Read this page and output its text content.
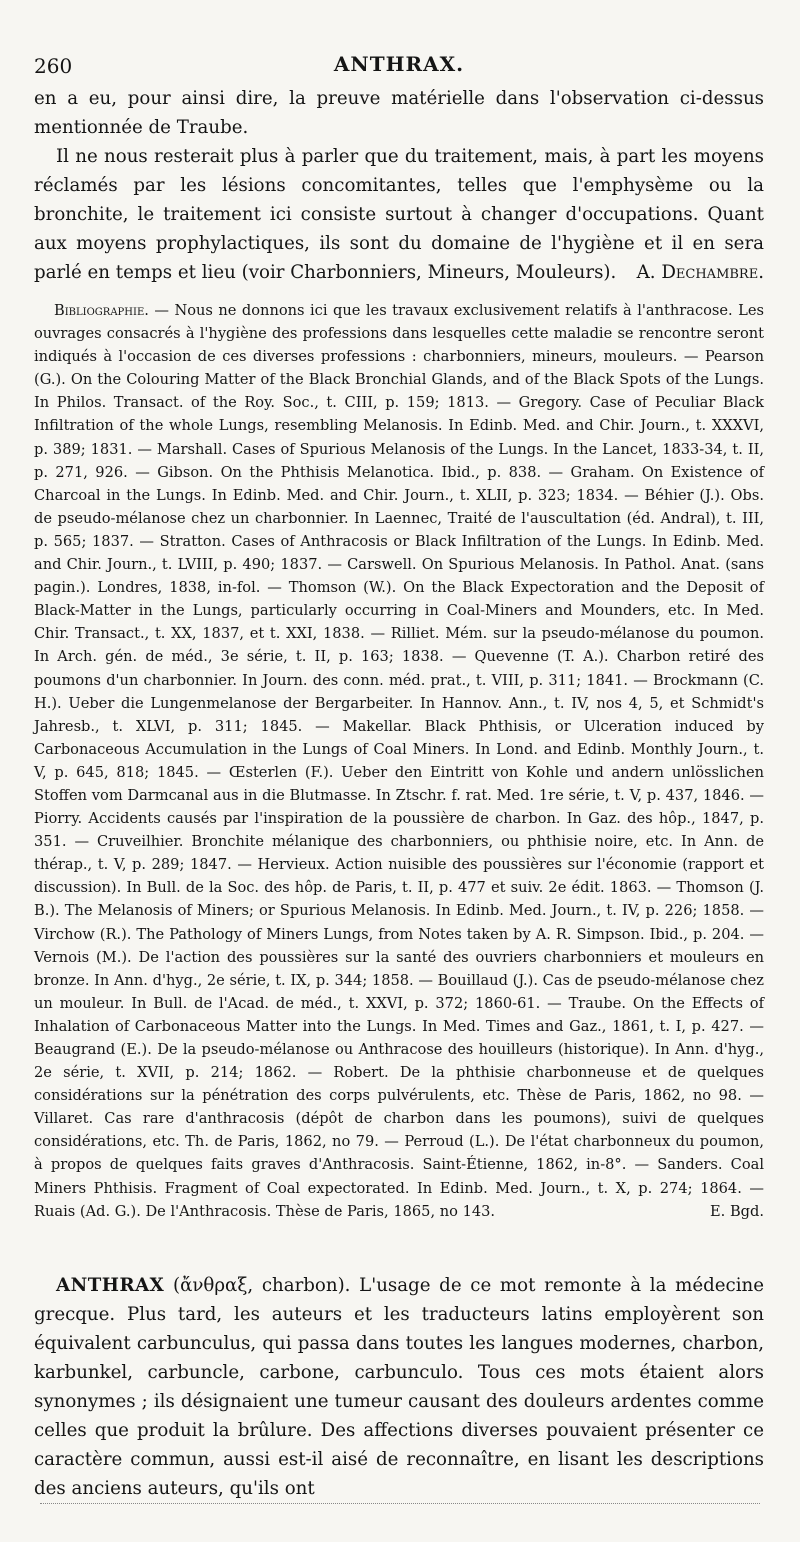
260	ANTHRAX.

en a eu, pour ainsi dire, la preuve matérielle dans l'observation ci-dessus mentionnée de Traube.

Il ne nous resterait plus à parler que du traitement, mais, à part les moyens réclamés par les lésions concomitantes, telles que l'emphysème ou la bronchite, le traitement ici consiste surtout à changer d'occupations. Quant aux moyens prophylactiques, ils sont du domaine de l'hygiène et il en sera parlé en temps et lieu (voir Charbonniers, Mineurs, Mouleurs).	A. Dechambre.

Bibliographie. — Nous ne donnons ici que les travaux exclusivement relatifs à l'anthracose. Les ouvrages consacrés à l'hygiène des professions dans lesquelles cette maladie se rencontre seront indiqués à l'occasion de ces diverses professions : charbonniers, mineurs, mouleurs. — Pearson (G.). On the Colouring Matter of the Black Bronchial Glands, and of the Black Spots of the Lungs. In Philos. Transact. of the Roy. Soc., t. CIII, p. 159; 1813. — Gregory. Case of Peculiar Black Infiltration of the whole Lungs, resembling Melanosis. In Edinb. Med. and Chir. Journ., t. XXXVI, p. 389; 1831. — Marshall. Cases of Spurious Melanosis of the Lungs. In the Lancet, 1833-34, t. II, p. 271, 926. — Gibson. On the Phthisis Melanotica. Ibid., p. 838. — Graham. On Existence of Charcoal in the Lungs. In Edinb. Med. and Chir. Journ., t. XLII, p. 323; 1834. — Béhier (J.). Obs. de pseudo-mélanose chez un charbonnier. In Laennec, Traité de l'auscultation (éd. Andral), t. III, p. 565; 1837. — Stratton. Cases of Anthracosis or Black Infiltration of the Lungs. In Edinb. Med. and Chir. Journ., t. LVIII, p. 490; 1837. — Carswell. On Spurious Melanosis. In Pathol. Anat. (sans pagin.). Londres, 1838, in-fol. — Thomson (W.). On the Black Expectoration and the Deposit of Black-Matter in the Lungs, particularly occurring in Coal-Miners and Mounders, etc. In Med. Chir. Transact., t. XX, 1837, et t. XXI, 1838. — Rilliet. Mém. sur la pseudo-mélanose du poumon. In Arch. gén. de méd., 3e série, t. II, p. 163; 1838. — Quevenne (T. A.). Charbon retiré des poumons d'un charbonnier. In Journ. des conn. méd. prat., t. VIII, p. 311; 1841. — Brockmann (C. H.). Ueber die Lungenmelanose der Bergarbeiter. In Hannov. Ann., t. IV, nos 4, 5, et Schmidt's Jahresb., t. XLVI, p. 311; 1845. — Makellar. Black Phthisis, or Ulceration induced by Carbonaceous Accumulation in the Lungs of Coal Miners. In Lond. and Edinb. Monthly Journ., t. V, p. 645, 818; 1845. — Œsterlen (F.). Ueber den Eintritt von Kohle und andern unlösslichen Stoffen vom Darmcanal aus in die Blutmasse. In Ztschr. f. rat. Med. 1re série, t. V, p. 437, 1846. — Piorry. Accidents causés par l'inspiration de la poussière de charbon. In Gaz. des hôp., 1847, p. 351. — Cruveilhier. Bronchite mélanique des charbonniers, ou phthisie noire, etc. In Ann. de thérap., t. V, p. 289; 1847. — Hervieux. Action nuisible des poussières sur l'économie (rapport et discussion). In Bull. de la Soc. des hôp. de Paris, t. II, p. 477 et suiv. 2e édit. 1863. — Thomson (J. B.). The Melanosis of Miners; or Spurious Melanosis. In Edinb. Med. Journ., t. IV, p. 226; 1858. — Virchow (R.). The Pathology of Miners Lungs, from Notes taken by A. R. Simpson. Ibid., p. 204. — Vernois (M.). De l'action des poussières sur la santé des ouvriers charbonniers et mouleurs en bronze. In Ann. d'hyg., 2e série, t. IX, p. 344; 1858. — Bouillaud (J.). Cas de pseudo-mélanose chez un mouleur. In Bull. de l'Acad. de méd., t. XXVI, p. 372; 1860-61. — Traube. On the Effects of Inhalation of Carbonaceous Matter into the Lungs. In Med. Times and Gaz., 1861, t. I, p. 427. — Beaugrand (E.). De la pseudo-mélanose ou Anthracose des houilleurs (historique). In Ann. d'hyg., 2e série, t. XVII, p. 214; 1862. — Robert. De la phthisie charbonneuse et de quelques considérations sur la pénétration des corps pulvérulents, etc. Thèse de Paris, 1862, no 98. — Villaret. Cas rare d'anthracosis (dépôt de charbon dans les poumons), suivi de quelques considérations, etc. Th. de Paris, 1862, no 79. — Perroud (L.). De l'état charbonneux du poumon, à propos de quelques faits graves d'Anthracosis. Saint-Étienne, 1862, in-8°. — Sanders. Coal Miners Phthisis. Fragment of Coal expectorated. In Edinb. Med. Journ., t. X, p. 274; 1864. — Ruais (Ad. G.). De l'Anthracosis. Thèse de Paris, 1865, no 143.	E. Bgd.
ANTHRAX (ἄνθραξ, charbon). L'usage de ce mot remonte à la médecine grecque. Plus tard, les auteurs et les traducteurs latins employèrent son équivalent carbunculus, qui passa dans toutes les langues modernes, charbon, karbunkel, carbuncle, carbone, carbunculo. Tous ces mots étaient alors synonymes ; ils désignaient une tumeur causant des douleurs ardentes comme celles que produit la brûlure. Des affections diverses pouvaient présenter ce caractère commun, aussi est-il aisé de reconnaître, en lisant les descriptions des anciens auteurs, qu'ils ont
